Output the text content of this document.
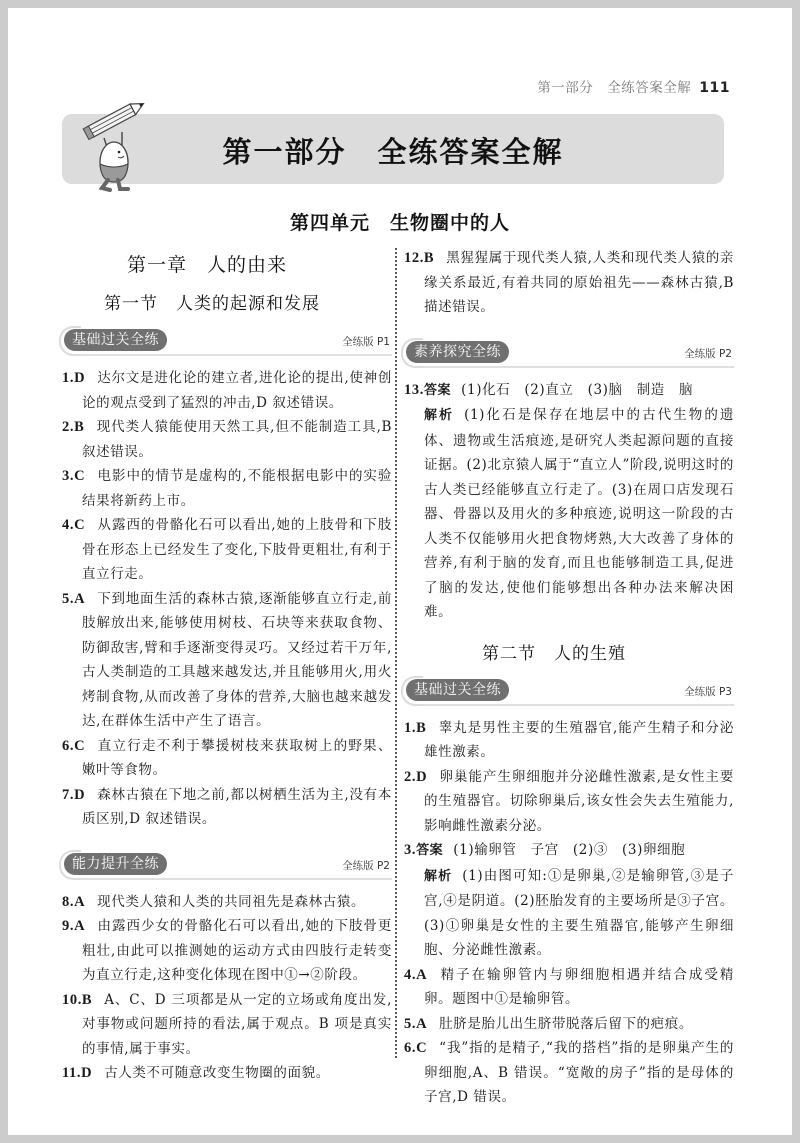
第一部分　全练答案全解 111
第一部分　全练答案全解
第四单元　生物圈中的人
第一章　人的由来
第一节　人类的起源和发展
基础过关全练	全练版 P1
1.D 达尔文是进化论的建立者,进化论的提出,使神创论的观点受到了猛烈的冲击,D 叙述错误。
2.B 现代类人猿能使用天然工具,但不能制造工具,B 叙述错误。
3.C 电影中的情节是虚构的,不能根据电影中的实验结果将新药上市。
4.C 从露西的骨骼化石可以看出,她的上肢骨和下肢骨在形态上已经发生了变化,下肢骨更粗壮,有利于直立行走。
5.A 下到地面生活的森林古猿,逐渐能够直立行走,前肢解放出来,能够使用树枝、石块等来获取食物、防御敌害,臂和手逐渐变得灵巧。又经过若干万年,古人类制造的工具越来越发达,并且能够用火,用火烤制食物,从而改善了身体的营养,大脑也越来越发达,在群体生活中产生了语言。
6.C 直立行走不利于攀援树枝来获取树上的野果、嫩叶等食物。
7.D 森林古猿在下地之前,都以树栖生活为主,没有本质区别,D 叙述错误。
能力提升全练	全练版 P2
8.A 现代类人猿和人类的共同祖先是森林古猿。
9.A 由露西少女的骨骼化石可以看出,她的下肢骨更粗壮,由此可以推测她的运动方式由四肢行走转变为直立行走,这种变化体现在图中①→②阶段。
10.B A、C、D 三项都是从一定的立场或角度出发,对事物或问题所持的看法,属于观点。B 项是真实的事情,属于事实。
11.D 古人类不可随意改变生物圈的面貌。
12.B 黑猩猩属于现代类人猿,人类和现代类人猿的亲缘关系最近,有着共同的原始祖先——森林古猿,B 描述错误。
素养探究全练	全练版 P2
13.答案 (1)化石　(2)直立　(3)脑　制造　脑
解析 (1)化石是保存在地层中的古代生物的遗体、遗物或生活痕迹,是研究人类起源问题的直接证据。(2)北京猿人属于“直立人”阶段,说明这时的古人类已经能够直立行走了。(3)在周口店发现石器、骨器以及用火的多种痕迹,说明这一阶段的古人类不仅能够用火把食物烤熟,大大改善了身体的营养,有利于脑的发育,而且也能够制造工具,促进了脑的发达,使他们能够想出各种办法来解决困难。
第二节　人的生殖
基础过关全练	全练版 P3
1.B 睾丸是男性主要的生殖器官,能产生精子和分泌雄性激素。
2.D 卵巢能产生卵细胞并分泌雌性激素,是女性主要的生殖器官。切除卵巢后,该女性会失去生殖能力,影响雌性激素分泌。
3.答案 (1)输卵管　子宫　(2)③　(3)卵细胞
解析 (1)由图可知:①是卵巢,②是输卵管,③是子宫,④是阴道。(2)胚胎发育的主要场所是③子宫。(3)①卵巢是女性的主要生殖器官,能够产生卵细胞、分泌雌性激素。
4.A 精子在输卵管内与卵细胞相遇并结合成受精卵。题图中①是输卵管。
5.A 肚脐是胎儿出生脐带脱落后留下的疤痕。
6.C “我”指的是精子,“我的搭档”指的是卵巢产生的卵细胞,A、B 错误。“宽敞的房子”指的是母体的子宫,D 错误。
